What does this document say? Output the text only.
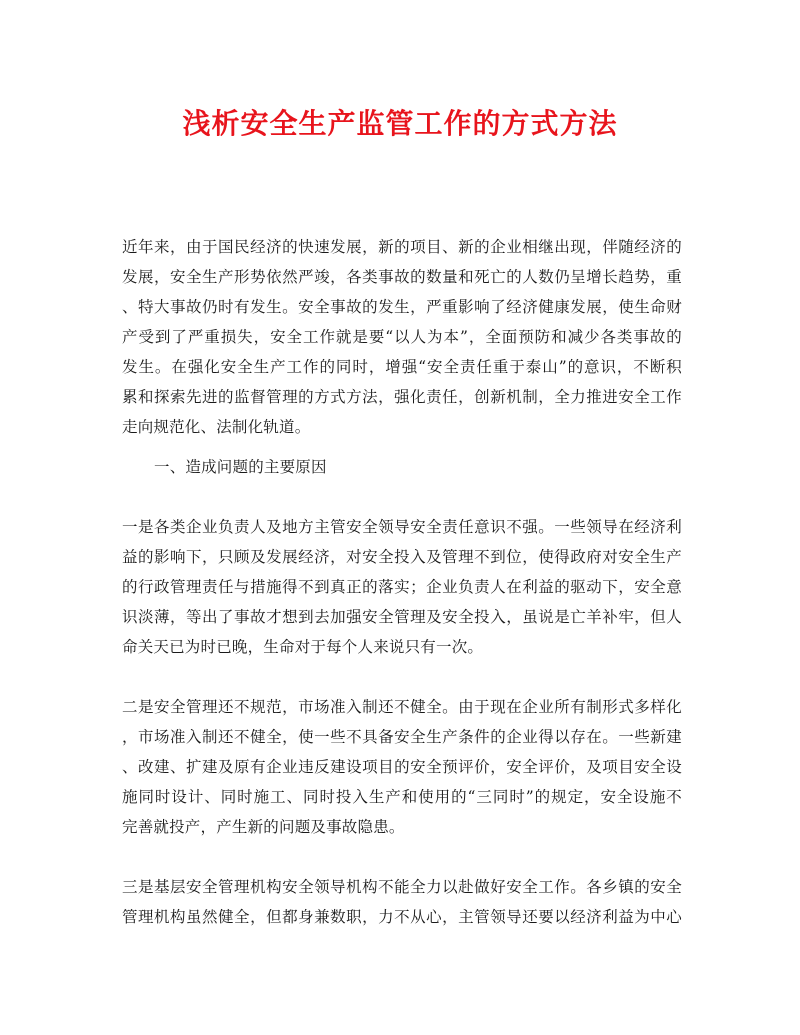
浅析安全生产监管工作的方式方法
近年来，由于国民经济的快速发展，新的项目、新的企业相继出现，伴随经济的
发展，安全生产形势依然严竣，各类事故的数量和死亡的人数仍呈增长趋势，重
、特大事故仍时有发生。安全事故的发生，严重影响了经济健康发展，使生命财
产受到了严重损失，安全工作就是要“以人为本”，全面预防和减少各类事故的
发生。在强化安全生产工作的同时，增强“安全责任重于泰山”的意识，不断积
累和探索先进的监督管理的方式方法，强化责任，创新机制，全力推进安全工作
走向规范化、法制化轨道。
一、造成问题的主要原因
一是各类企业负责人及地方主管安全领导安全责任意识不强。一些领导在经济利
益的影响下，只顾及发展经济，对安全投入及管理不到位，使得政府对安全生产
的行政管理责任与措施得不到真正的落实；企业负责人在利益的驱动下，安全意
识淡薄，等出了事故才想到去加强安全管理及安全投入，虽说是亡羊补牢，但人
命关天已为时已晚，生命对于每个人来说只有一次。
二是安全管理还不规范，市场准入制还不健全。由于现在企业所有制形式多样化
，市场准入制还不健全，使一些不具备安全生产条件的企业得以存在。一些新建
、改建、扩建及原有企业违反建设项目的安全预评价，安全评价，及项目安全设
施同时设计、同时施工、同时投入生产和使用的“三同时”的规定，安全设施不
完善就投产，产生新的问题及事故隐患。
三是基层安全管理机构安全领导机构不能全力以赴做好安全工作。各乡镇的安全
管理机构虽然健全，但都身兼数职，力不从心，主管领导还要以经济利益为中心
